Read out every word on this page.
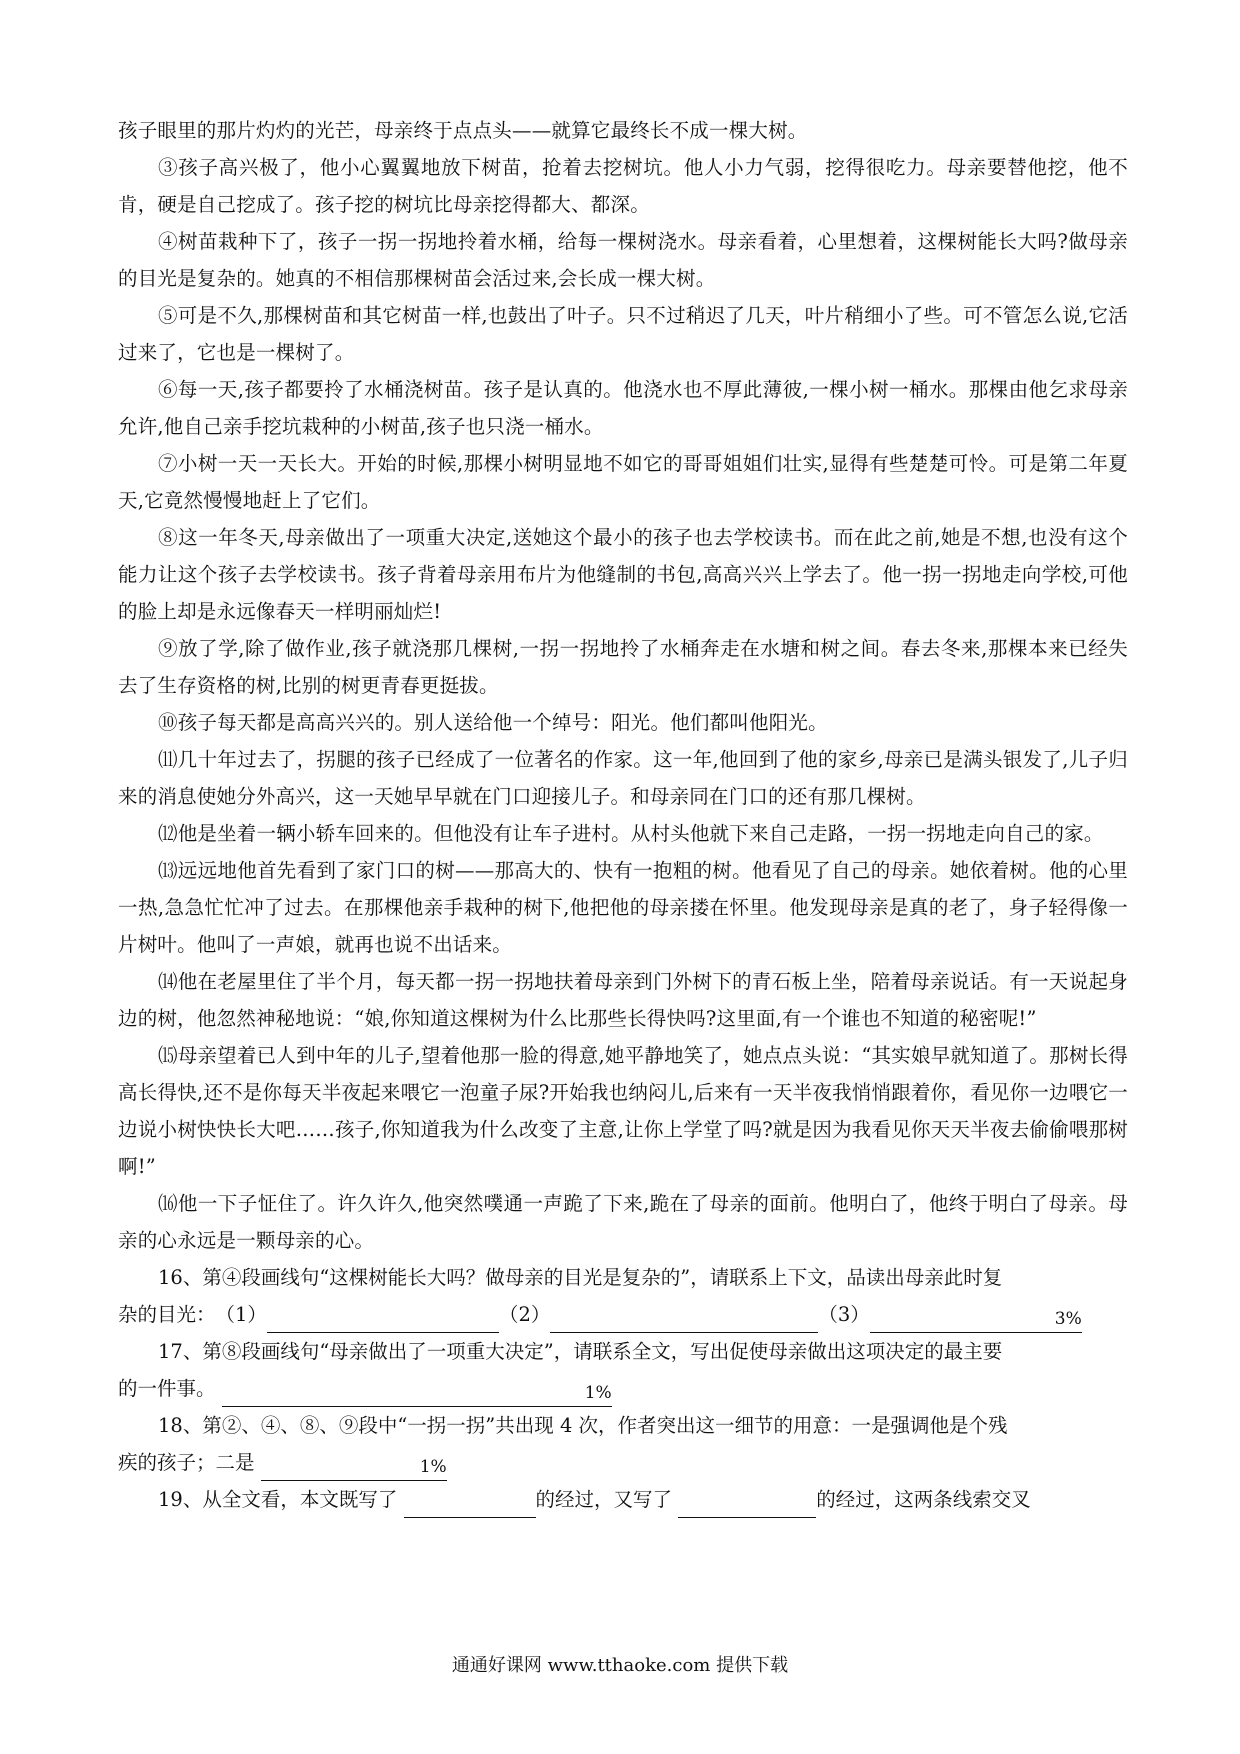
孩子眼里的那片灼灼的光芒，母亲终于点点头——就算它最终长不成一棵大树。

③孩子高兴极了，他小心翼翼地放下树苗，抢着去挖树坑。他人小力气弱，挖得很吃力。母亲要替他挖，他不肯，硬是自己挖成了。孩子挖的树坑比母亲挖得都大、都深。

④树苗栽种下了，孩子一拐一拐地拎着水桶，给每一棵树浇水。母亲看着，心里想着，这棵树能长大吗?做母亲的目光是复杂的。她真的不相信那棵树苗会活过来,会长成一棵大树。

⑤可是不久,那棵树苗和其它树苗一样,也鼓出了叶子。只不过稍迟了几天，叶片稍细小了些。可不管怎么说,它活过来了，它也是一棵树了。

⑥每一天,孩子都要拎了水桶浇树苗。孩子是认真的。他浇水也不厚此薄彼,一棵小树一桶水。那棵由他乞求母亲允许,他自己亲手挖坑栽种的小树苗,孩子也只浇一桶水。

⑦小树一天一天长大。开始的时候,那棵小树明显地不如它的哥哥姐姐们壮实,显得有些楚楚可怜。可是第二年夏天,它竟然慢慢地赶上了它们。

⑧这一年冬天,母亲做出了一项重大决定,送她这个最小的孩子也去学校读书。而在此之前,她是不想,也没有这个能力让这个孩子去学校读书。孩子背着母亲用布片为他缝制的书包,高高兴兴上学去了。他一拐一拐地走向学校,可他的脸上却是永远像春天一样明丽灿烂!

⑨放了学,除了做作业,孩子就浇那几棵树,一拐一拐地拎了水桶奔走在水塘和树之间。春去冬来,那棵本来已经失去了生存资格的树,比别的树更青春更挺拔。

⑩孩子每天都是高高兴兴的。别人送给他一个绰号：阳光。他们都叫他阳光。

⑾几十年过去了，拐腿的孩子已经成了一位著名的作家。这一年,他回到了他的家乡,母亲已是满头银发了,儿子归来的消息使她分外高兴，这一天她早早就在门口迎接儿子。和母亲同在门口的还有那几棵树。

⑿他是坐着一辆小轿车回来的。但他没有让车子进村。从村头他就下来自己走路，一拐一拐地走向自己的家。

⒀远远地他首先看到了家门口的树——那高大的、快有一抱粗的树。他看见了自己的母亲。她依着树。他的心里一热,急急忙忙冲了过去。在那棵他亲手栽种的树下,他把他的母亲搂在怀里。他发现母亲是真的老了，身子轻得像一片树叶。他叫了一声娘，就再也说不出话来。

⒁他在老屋里住了半个月，每天都一拐一拐地扶着母亲到门外树下的青石板上坐，陪着母亲说话。有一天说起身边的树，他忽然神秘地说：“娘,你知道这棵树为什么比那些长得快吗?这里面,有一个谁也不知道的秘密呢!”

⒂母亲望着已人到中年的儿子,望着他那一脸的得意,她平静地笑了，她点点头说：“其实娘早就知道了。那树长得高长得快,还不是你每天半夜起来喂它一泡童子尿?开始我也纳闷儿,后来有一天半夜我悄悄跟着你，看见你一边喂它一边说小树快快长大吧……孩子,你知道我为什么改变了主意,让你上学堂了吗?就是因为我看见你天天半夜去偷偷喂那树啊!”

⒃他一下子怔住了。许久许久,他突然噗通一声跪了下来,跪在了母亲的面前。他明白了，他终于明白了母亲。母亲的心永远是一颗母亲的心。

16、第④段画线句“这棵树能长大吗？做母亲的目光是复杂的”，请联系上下文，品读出母亲此时复
杂的目光：（1）	（2）	（3）	3%
17、第⑧段画线句“母亲做出了一项重大决定”，请联系全文，写出促使母亲做出这项决定的最主要
的一件事。	1%
18、第②、④、⑧、⑨段中“一拐一拐”共出现 4 次，作者突出这一细节的用意：一是强调他是个残
疾的孩子；二是	1%
19、从全文看，本文既写了	的经过，又写了	的经过，这两条线索交叉
通通好课网 www.tthaoke.com 提供下载
